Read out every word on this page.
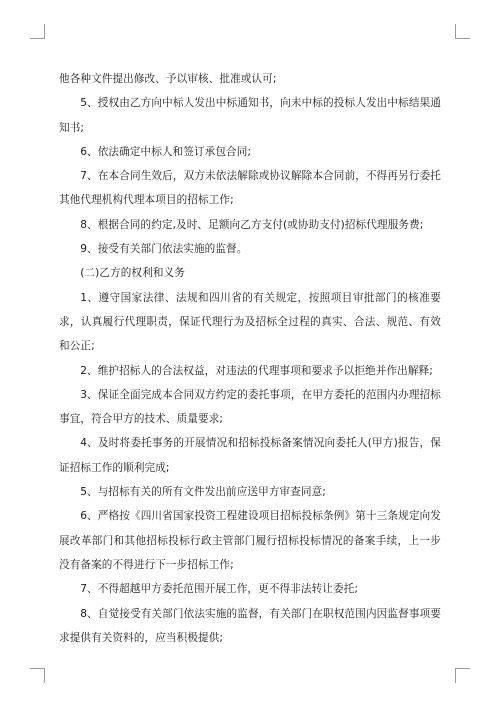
他各种文件提出修改、予以审核、批准或认可;

5、授权由乙方向中标人发出中标通知书，向未中标的投标人发出中标结果通知书;

6、依法确定中标人和签订承包合同;

7、在本合同生效后，双方未依法解除或协议解除本合同前，不得再另行委托其他代理机构代理本项目的招标工作;

8、根据合同的约定,及时、足额向乙方支付(或协助支付)招标代理服务费;

9、接受有关部门依法实施的监督。

(二)乙方的权利和义务

1、遵守国家法律、法规和四川省的有关规定，按照项目审批部门的核准要求，认真履行代理职责，保证代理行为及招标全过程的真实、合法、规范、有效和公正;

2、维护招标人的合法权益，对违法的代理事项和要求予以拒绝并作出解释;

3、保证全面完成本合同双方约定的委托事项，在甲方委托的范围内办理招标事宜，符合甲方的技术、质量要求;

4、及时将委托事务的开展情况和招标投标备案情况向委托人(甲方)报告，保证招标工作的顺利完成;

5、与招标有关的所有文件发出前应送甲方审查同意;

6、严格按《四川省国家投资工程建设项目招标投标条例》第十三条规定向发展改革部门和其他招标投标行政主管部门履行招标投标情况的备案手续，上一步没有备案的不得进行下一步招标工作;

7、不得超越甲方委托范围开展工作，更不得非法转让委托;

8、自觉接受有关部门依法实施的监督，有关部门在职权范围内因监督事项要求提供有关资料的，应当积极提供;
